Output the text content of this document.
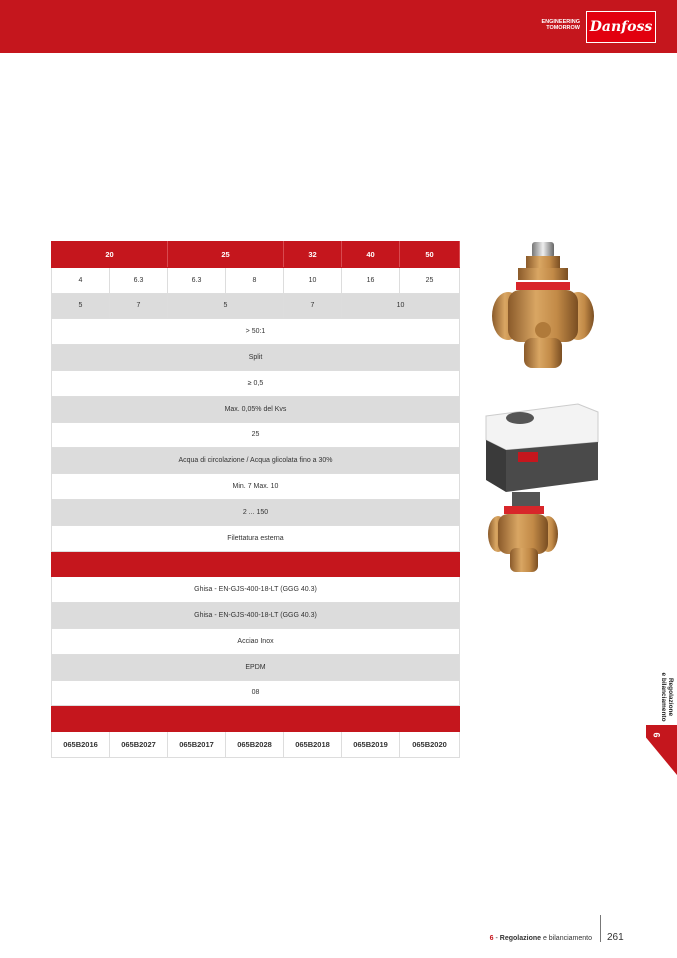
ENGINEERING
TOMORROW Danfoss
20		25		32	40	50
4	6.3	6.3	8	10	16	25
5	7	5		7	10	
> 50:1						
Split						
≥ 0,5						
Max. 0,05% del Kvs						
25						
Acqua di circolazione / Acqua glicolata fino a 30%						
Min. 7 Max. 10						
2 ... 150						
Filettatura esterna						

Ghisa - EN-GJS-400-18-LT (GGG 40.3)						
Ghisa - EN-GJS-400-18-LT (GGG 40.3)						
Acciao Inox						
EPDM						
08						

065B2016	065B2027	065B2017	065B2028	065B2018	065B2019	065B2020
Regolazione
e bilanciamento
6
6 - Regolazione e bilanciamento 261
